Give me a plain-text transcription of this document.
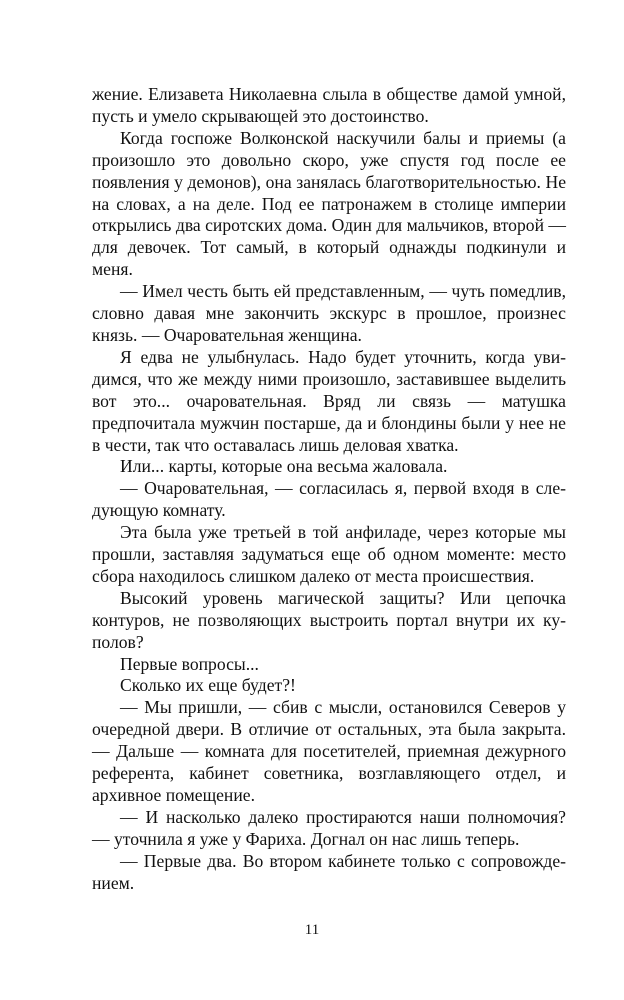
жение. Елизавета Николаевна слыла в обществе дамой умной, пусть и умело скрывающей это достоинство.

Когда госпоже Волконской наскучили балы и приемы (а произошло это довольно скоро, уже спустя год после ее появления у демонов), она занялась благотворительностью. Не на словах, а на деле. Под ее патронажем в столице империи открылись два сиротских дома. Один для мальчиков, второй — для девочек. Тот самый, в который однажды подкинули и меня.

— Имел честь быть ей представленным, — чуть помедлив, словно давая мне закончить экскурс в прошлое, произнес князь. — Очаровательная женщина.

Я едва не улыбнулась. Надо будет уточнить, когда увидимся, что же между ними произошло, заставившее выделить вот это... очаровательная. Вряд ли связь — матушка предпочитала мужчин постарше, да и блондины были у нее не в чести, так что оставалась лишь деловая хватка.

Или... карты, которые она весьма жаловала.

— Очаровательная, — согласилась я, первой входя в следующую комнату.

Эта была уже третьей в той анфиладе, через которые мы прошли, заставляя задуматься еще об одном моменте: место сбора находилось слишком далеко от места происшествия.

Высокий уровень магической защиты? Или цепочка контуров, не позволяющих выстроить портал внутри их куполов?

Первые вопросы...

Сколько их еще будет?!

— Мы пришли, — сбив с мысли, остановился Северов у очередной двери. В отличие от остальных, эта была закрыта. — Дальше — комната для посетителей, приемная дежурного референта, кабинет советника, возглавляющего отдел, и архивное помещение.

— И насколько далеко простираются наши полномочия? — уточнила я уже у Фариха. Догнал он нас лишь теперь.

— Первые два. Во втором кабинете только с сопровождением.

11
